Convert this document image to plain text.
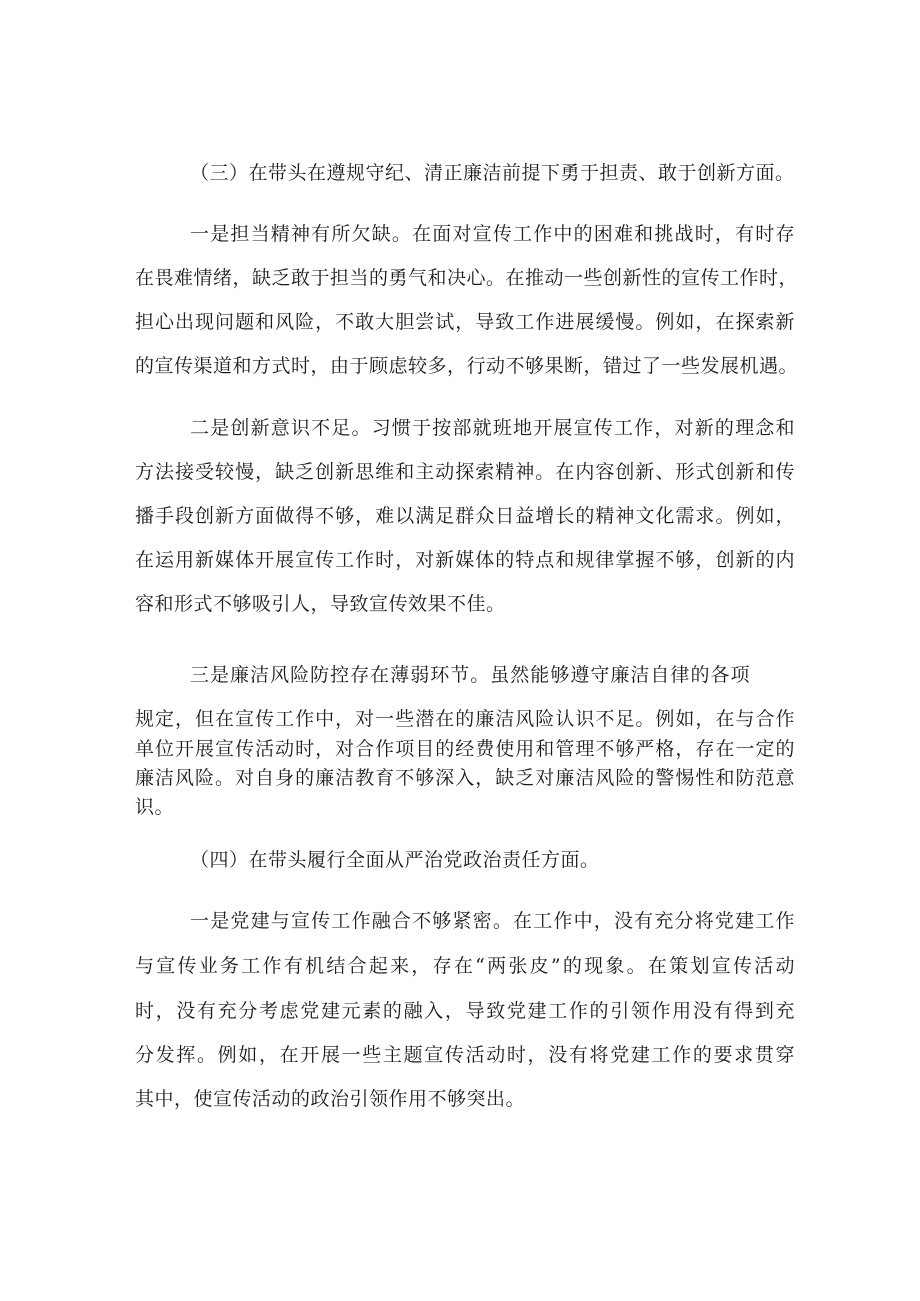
（三）在带头在遵规守纪、清正廉洁前提下勇于担责、敢于创新方面。
一是担当精神有所欠缺。在面对宣传工作中的困难和挑战时，有时存
在畏难情绪，缺乏敢于担当的勇气和决心。在推动一些创新性的宣传工作时，
担心出现问题和风险，不敢大胆尝试，导致工作进展缓慢。例如，在探索新
的宣传渠道和方式时，由于顾虑较多，行动不够果断，错过了一些发展机遇。
二是创新意识不足。习惯于按部就班地开展宣传工作，对新的理念和
方法接受较慢，缺乏创新思维和主动探索精神。在内容创新、形式创新和传
播手段创新方面做得不够，难以满足群众日益增长的精神文化需求。例如，
在运用新媒体开展宣传工作时，对新媒体的特点和规律掌握不够，创新的内
容和形式不够吸引人，导致宣传效果不佳。
三是廉洁风险防控存在薄弱环节。虽然能够遵守廉洁自律的各项
规定，但在宣传工作中，对一些潜在的廉洁风险认识不足。例如，在与合作
单位开展宣传活动时，对合作项目的经费使用和管理不够严格，存在一定的
廉洁风险。对自身的廉洁教育不够深入，缺乏对廉洁风险的警惕性和防范意
识。
（四）在带头履行全面从严治党政治责任方面。
一是党建与宣传工作融合不够紧密。在工作中，没有充分将党建工作
与宣传业务工作有机结合起来，存在“两张皮”的现象。在策划宣传活动
时，没有充分考虑党建元素的融入，导致党建工作的引领作用没有得到充
分发挥。例如，在开展一些主题宣传活动时，没有将党建工作的要求贯穿
其中，使宣传活动的政治引领作用不够突出。
